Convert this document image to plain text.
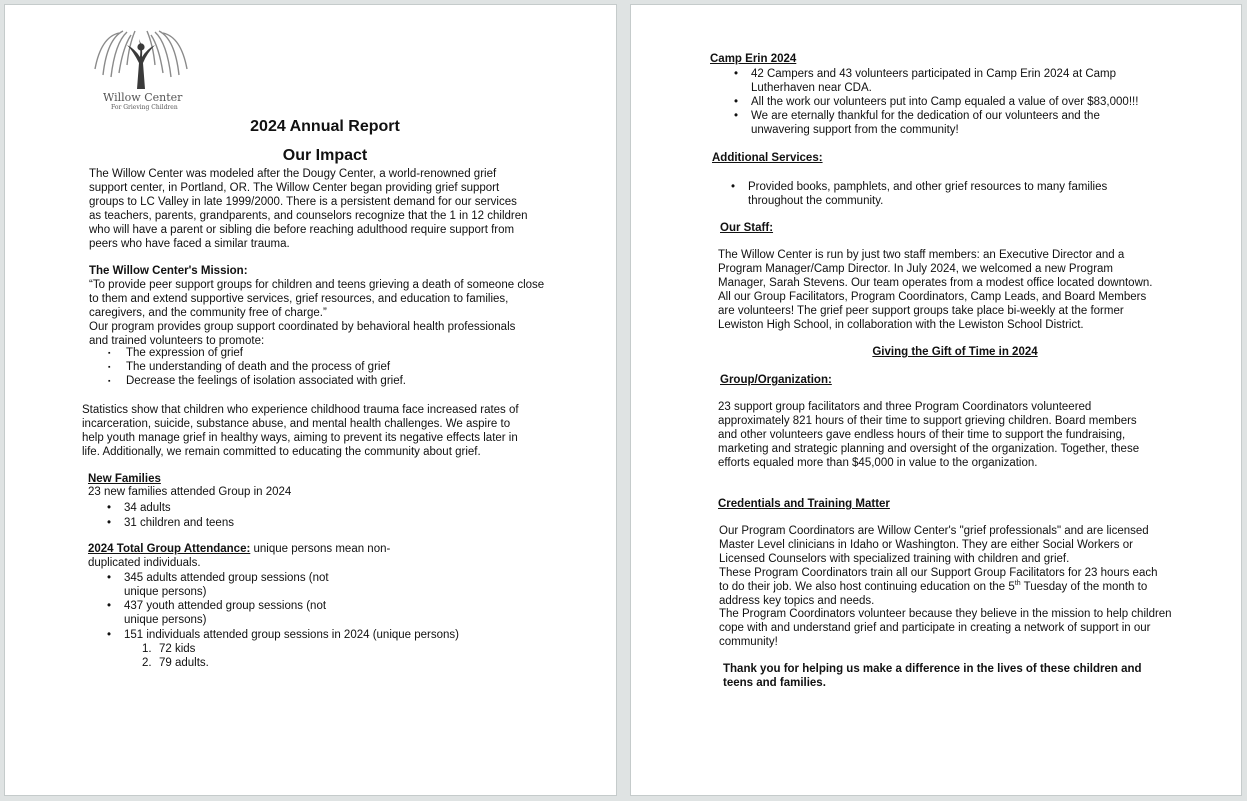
Willow Center
For Grieving Children
2024 Annual Report
Our Impact
The Willow Center was modeled after the Dougy Center, a world-renowned grief
support center, in Portland, OR. The Willow Center began providing grief support
groups to LC Valley in late 1999/2000. There is a persistent demand for our services
as teachers, parents, grandparents, and counselors recognize that the 1 in 12 children
who will have a parent or sibling die before reaching adulthood require support from
peers who have faced a similar trauma.
The Willow Center's Mission:
“To provide peer support groups for children and teens grieving a death of someone close
to them and extend supportive services, grief resources, and education to families,
caregivers, and the community free of charge.”
Our program provides group support coordinated by behavioral health professionals
and trained volunteers to promote:
▪ The expression of grief
▪ The understanding of death and the process of grief
▪ Decrease the feelings of isolation associated with grief.
Statistics show that children who experience childhood trauma face increased rates of
incarceration, suicide, substance abuse, and mental health challenges. We aspire to
help youth manage grief in healthy ways, aiming to prevent its negative effects later in
life. Additionally, we remain committed to educating the community about grief.
New Families
23 new families attended Group in 2024
• 34 adults
• 31 children and teens
2024 Total Group Attendance: unique persons mean non-
duplicated individuals.
• 345 adults attended group sessions (not
unique persons)
• 437 youth attended group sessions (not
unique persons)
• 151 individuals attended group sessions in 2024 (unique persons)
1. 72 kids
2. 79 adults.
Camp Erin 2024
• 42 Campers and 43 volunteers participated in Camp Erin 2024 at Camp
Lutherhaven near CDA.
• All the work our volunteers put into Camp equaled a value of over $83,000!!!
• We are eternally thankful for the dedication of our volunteers and the
unwavering support from the community!
Additional Services:
• Provided books, pamphlets, and other grief resources to many families
throughout the community.
Our Staff:
The Willow Center is run by just two staff members: an Executive Director and a
Program Manager/Camp Director. In July 2024, we welcomed a new Program
Manager, Sarah Stevens. Our team operates from a modest office located downtown.
All our Group Facilitators, Program Coordinators, Camp Leads, and Board Members
are volunteers! The grief peer support groups take place bi-weekly at the former
Lewiston High School, in collaboration with the Lewiston School District.
Giving the Gift of Time in 2024
Group/Organization:
23 support group facilitators and three Program Coordinators volunteered
approximately 821 hours of their time to support grieving children. Board members
and other volunteers gave endless hours of their time to support the fundraising,
marketing and strategic planning and oversight of the organization. Together, these
efforts equaled more than $45,000 in value to the organization.
Credentials and Training Matter
Our Program Coordinators are Willow Center's "grief professionals" and are licensed
Master Level clinicians in Idaho or Washington. They are either Social Workers or
Licensed Counselors with specialized training with children and grief.
These Program Coordinators train all our Support Group Facilitators for 23 hours each
to do their job. We also host continuing education on the 5th Tuesday of the month to
address key topics and needs.
The Program Coordinators volunteer because they believe in the mission to help children
cope with and understand grief and participate in creating a network of support in our
community!
Thank you for helping us make a difference in the lives of these children and
teens and families.
